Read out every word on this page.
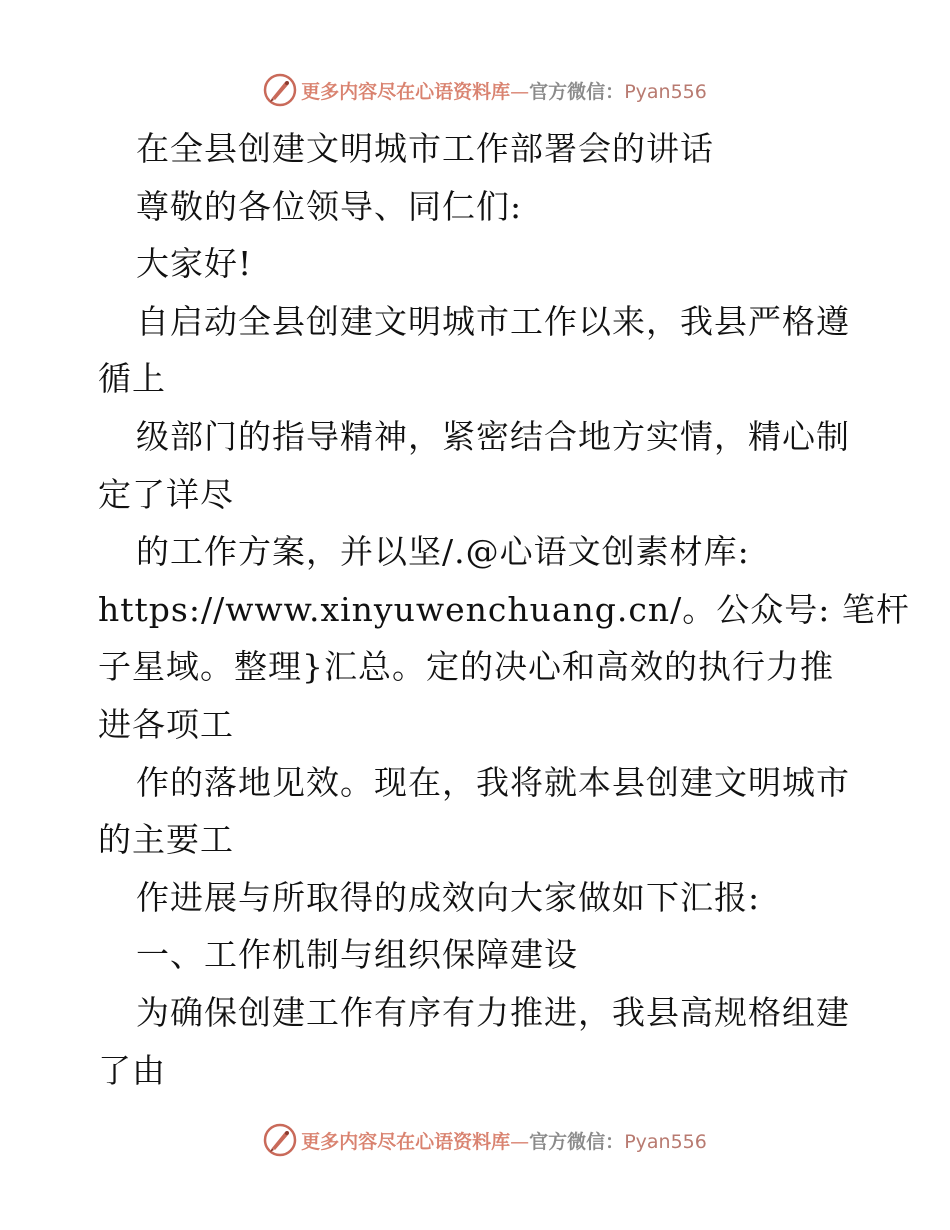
更多内容尽在心语资料库—官方微信：Pyan556
在全县创建文明城市工作部署会的讲话
尊敬的各位领导、同仁们:
大家好!
自启动全县创建文明城市工作以来，我县严格遵
循上
级部门的指导精神，紧密结合地方实情，精心制
定了详尽
的工作方案，并以坚/.@心语文创素材库:
https://www.xinyuwenchuang.cn/。公众号: 笔杆
子星域。整理}汇总。定的决心和高效的执行力推
进各项工
作的落地见效。现在，我将就本县创建文明城市
的主要工
作进展与所取得的成效向大家做如下汇报:
一、工作机制与组织保障建设
为确保创建工作有序有力推进，我县高规格组建
了由
更多内容尽在心语资料库—官方微信：Pyan556
